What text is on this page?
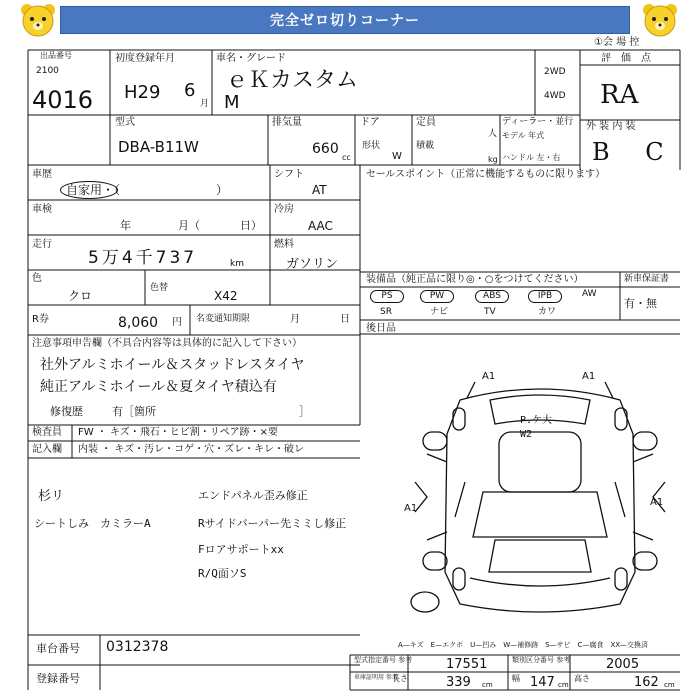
完全ゼロ切りコーナー
①会 場 控
出品番号
2100
4016
初度登録年月
H29 6
月
車名・グレード
ｅＫカスタム
M
2WD
4WD
評　価　点
RA
外 装 内 装
B C
型式
DBA-B11W
排気量
660
cc
ドア
形状
W
定員
人
積載
kg
ディーラー・並行
モデル 年式
ハンドル 左・右
車歴
自家用・（　　　　　　　　）
シフト
AT
車検
年	月（	日）
冷房
AAC
走行
5万4千737	km
燃料
ガソリン
色
クロ
色替
X42
R券	8,060 円 名変通知期限	月	日
セールスポイント（正常に機能するものに限ります）
装備品（純正品に限り◎・○をつけてください）	新車保証書
有・無
PS	PW	ABS	IPB	AW
SR	ナビ	TV	カワ
後日品
注意事項申告欄（不具合内容等は具体的に記入して下さい）
社外アルミホイール＆スタッドレスタイヤ
純正アルミホイール＆夏タイヤ積込有
修復歴	有［箇所　　　　　　　　　　　　　］
検査員 FW ・ キズ・飛石・ヒビ割・リペア跡・×要
記入欄 内装 ・ キズ・汚レ・コゲ・穴・ズレ・キレ・破レ
杉リ
シートしみ　カミラーA
エンドパネル歪み修正
Rサイドバーパー先ミミし修正
Fロアサポートxx
R/Q面ソS
A1	A1
A1
A1
P.ケ大 W2
A—キズ　E—エクボ　U—凹み　W—補修跡　S—サビ　C—腐食　XX—交換済
車台番号 0312378
登録番号
型式指定番号 参考	17551	類別区分番号 参考	2005
車庫証明用 参考
長さ	339 cm
幅 147 cm
高さ	162 cm
